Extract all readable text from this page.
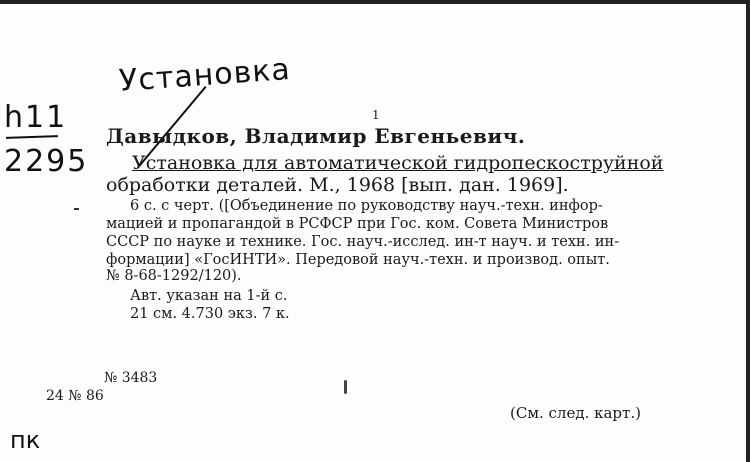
Установка
h11
2295
1
Давыдков, Владимир Евгеньевич.
Установка для автоматической гидропескоструйной
обработки деталей. М., 1968 [вып. дан. 1969].
6 с. с черт. ([Объединение по руководству науч.-техн. инфор-
мацией и пропагандой в РСФСР при Гос. ком. Совета Министров
СССР по науке и технике. Гос. науч.-исслед. ин-т науч. и техн. ин-
формации] «ГосИНТИ». Передовой науч.-техн. и производ. опыт.
№ 8-68-1292/120).
Авт. указан на 1-й с.
21 см. 4.730 экз. 7 к.
№ 3483
24 № 86
(См. след. карт.)
пк
